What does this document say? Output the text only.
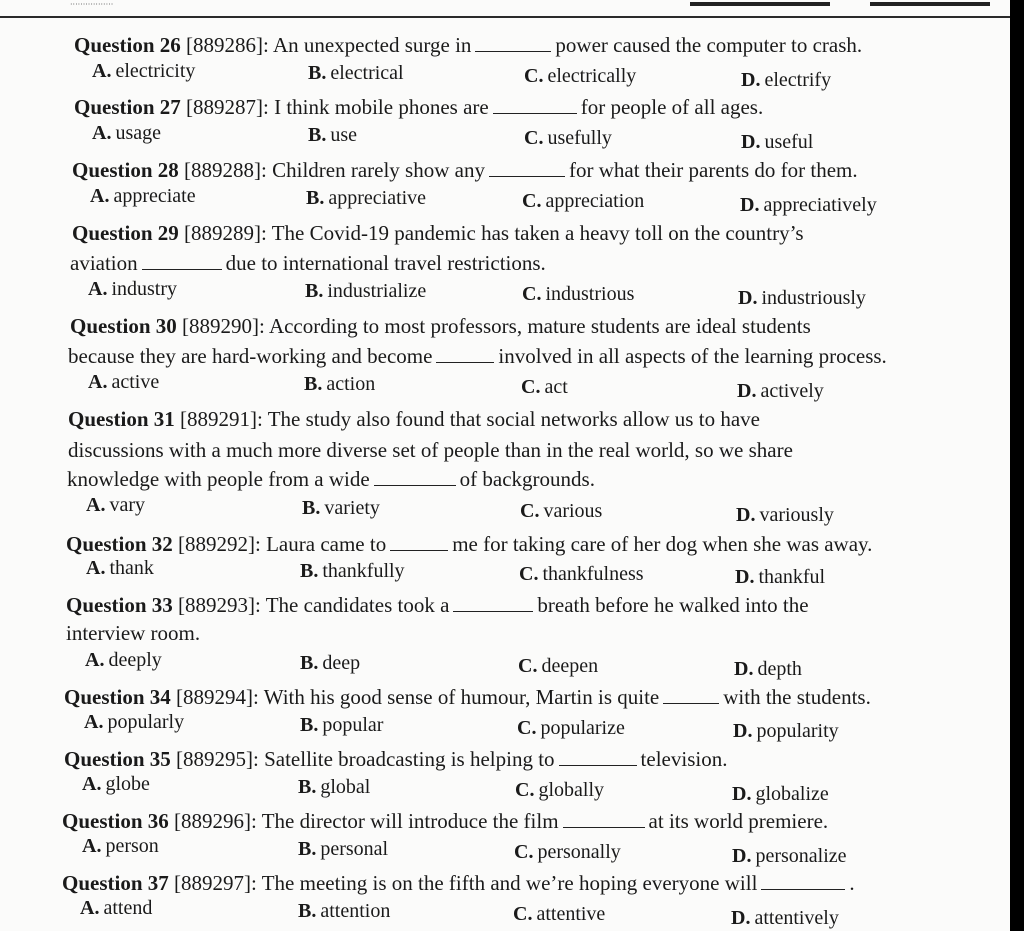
·················
Question 26 [889286]: An unexpected surge in	power caused the computer to crash.
A. electricity	B. electrical	C. electrically	D. electrify
Question 27 [889287]: I think mobile phones are	for people of all ages.
A. usage	B. use	C. usefully	D. useful
Question 28 [889288]: Children rarely show any	for what their parents do for them.
A. appreciate	B. appreciative	C. appreciation	D. appreciatively
Question 29 [889289]: The Covid-19 pandemic has taken a heavy toll on the country’s
aviation	due to international travel restrictions.
A. industry	B. industrialize	C. industrious	D. industriously
Question 30 [889290]: According to most professors, mature students are ideal students
because they are hard-working and become	involved in all aspects of the learning process.
A. active	B. action	C. act	D. actively
Question 31 [889291]: The study also found that social networks allow us to have
discussions with a much more diverse set of people than in the real world, so we share
knowledge with people from a wide	of backgrounds.
A. vary	B. variety	C. various	D. variously
Question 32 [889292]: Laura came to	me for taking care of her dog when she was away.
A. thank	B. thankfully	C. thankfulness	D. thankful
Question 33 [889293]: The candidates took a	breath before he walked into the
interview room.
A. deeply	B. deep	C. deepen	D. depth
Question 34 [889294]: With his good sense of humour, Martin is quite	with the students.
A. popularly	B. popular	C. popularize	D. popularity
Question 35 [889295]: Satellite broadcasting is helping to	television.
A. globe	B. global	C. globally	D. globalize
Question 36 [889296]: The director will introduce the film	at its world premiere.
A. person	B. personal	C. personally	D. personalize
Question 37 [889297]: The meeting is on the fifth and we’re hoping everyone will	.
A. attend	B. attention	C. attentive	D. attentively
